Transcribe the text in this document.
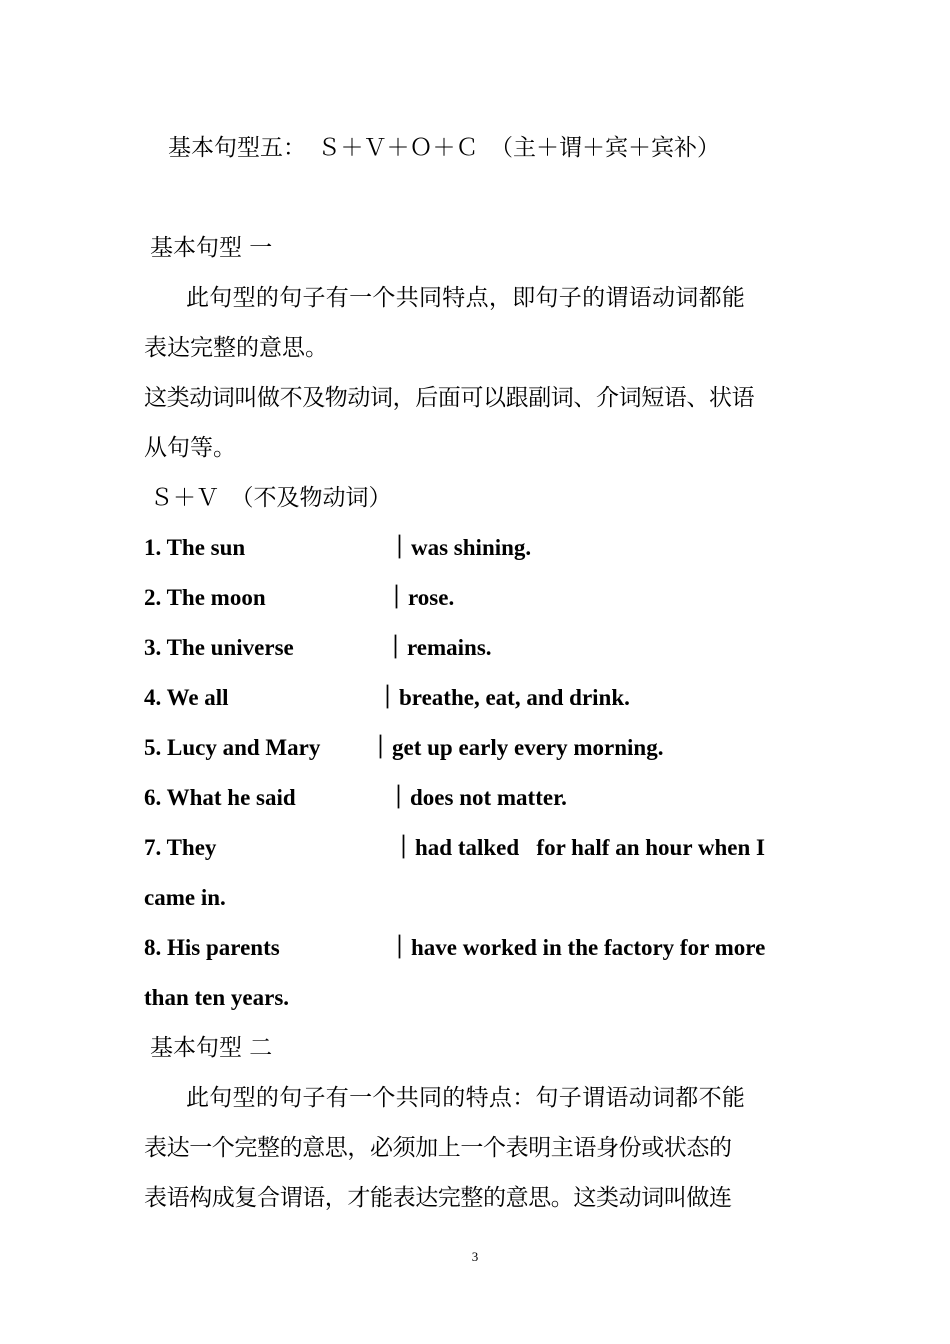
基本句型五：　Ｓ＋Ｖ＋Ｏ＋Ｃ　（主＋谓＋宾＋宾补）
基本句型 一
此句型的句子有一个共同特点，即句子的谓语动词都能
表达完整的意思。
这类动词叫做不及物动词，后面可以跟副词、介词短语、状语
从句等。
Ｓ＋Ｖ　（不及物动词）
1. The sun	｜was shining.
2. The moon	｜rose.
3. The universe	｜remains.
4. We all	｜breathe, eat, and drink.
5. Lucy and Mary ｜get up early every morning.
6. What he said	｜does not matter.
7. They	｜had talked   for half an hour when I
came in.
8. His parents	｜have worked in the factory for more
than ten years.
基本句型 二
此句型的句子有一个共同的特点：句子谓语动词都不能
表达一个完整的意思，必须加上一个表明主语身份或状态的
表语构成复合谓语，才能表达完整的意思。这类动词叫做连
3
